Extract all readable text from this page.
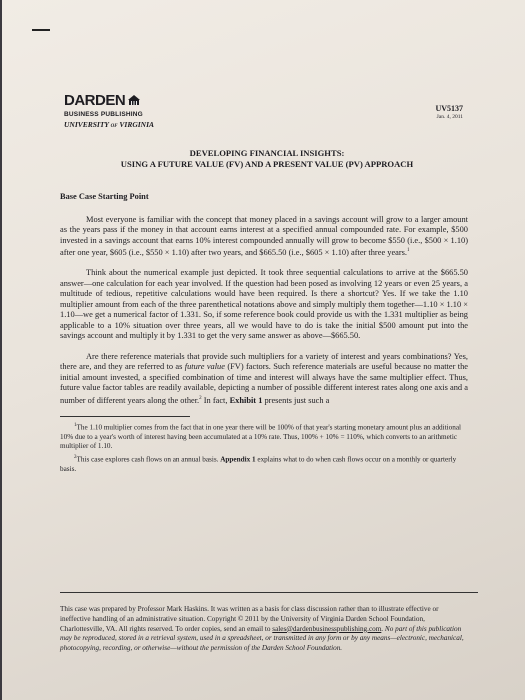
DARDEN
BUSINESS PUBLISHING
UNIVERSITY of VIRGINIA
UV5137
Jan. 4, 2011
DEVELOPING FINANCIAL INSIGHTS:
USING A FUTURE VALUE (FV) AND A PRESENT VALUE (PV) APPROACH
Base Case Starting Point

Most everyone is familiar with the concept that money placed in a savings account will grow to a larger amount as the years pass if the money in that account earns interest at a specified annual compounded rate. For example, $500 invested in a savings account that earns 10% interest compounded annually will grow to become $550 (i.e., $500 × 1.10) after one year, $605 (i.e., $550 × 1.10) after two years, and $665.50 (i.e., $605 × 1.10) after three years.$^1$

Think about the numerical example just depicted. It took three sequential calculations to arrive at the $665.50 answer—one calculation for each year involved. If the question had been posed as involving 12 years or even 25 years, a multitude of tedious, repetitive calculations would have been required. Is there a shortcut? Yes. If we take the 1.10 multiplier amount from each of the three parenthetical notations above and simply multiply them together—1.10 × 1.10 × 1.10—we get a numerical factor of 1.331. So, if some reference book could provide us with the 1.331 multiplier as being applicable to a 10% situation over three years, all we would have to do is take the initial $500 amount put into the savings account and multiply it by 1.331 to get the very same answer as above—$665.50.

Are there reference materials that provide such multipliers for a variety of interest and years combinations? Yes, there are, and they are referred to as future value (FV) factors. Such reference materials are useful because no matter the initial amount invested, a specified combination of time and interest will always have the same multiplier effect. Thus, future value factor tables are readily available, depicting a number of possible different interest rates along one axis and a number of different years along the other.$^2$ In fact, Exhibit 1 presents just such a

$^1$The 1.10 multiplier comes from the fact that in one year there will be 100% of that year's starting monetary amount plus an additional 10% due to a year's worth of interest having been accumulated at a 10% rate. Thus, 100% + 10% = 110%, which converts to an arithmetic multiplier of 1.10.
$^2$This case explores cash flows on an annual basis. Appendix 1 explains what to do when cash flows occur on a monthly or quarterly basis.
This case was prepared by Professor Mark Haskins. It was written as a basis for class discussion rather than to illustrate effective or ineffective handling of an administrative situation. Copyright © 2011 by the University of Virginia Darden School Foundation, Charlottesville, VA. All rights reserved. To order copies, send an email to sales@dardenbusinesspublishing.com. No part of this publication may be reproduced, stored in a retrieval system, used in a spreadsheet, or transmitted in any form or by any means—electronic, mechanical, photocopying, recording, or otherwise—without the permission of the Darden School Foundation.
